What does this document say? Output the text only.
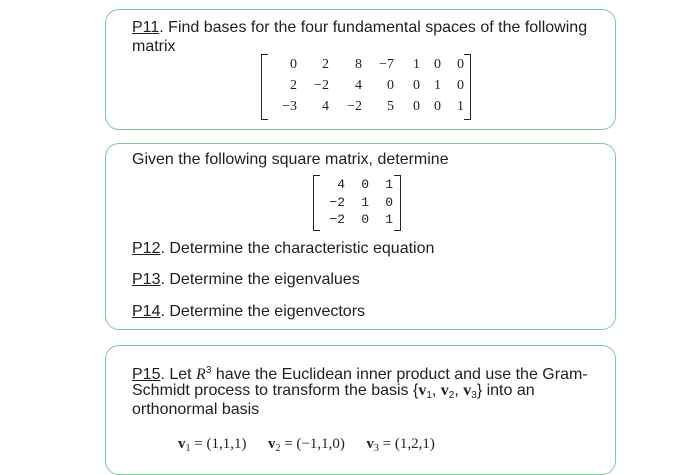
P11. Find bases for the four fundamental spaces of the following
matrix
0	2	8	−7	1	0	0
2	−2	4	0	0	1	0
−3	4	−2	5	0	0	1
Given the following square matrix, determine
4	0	1
−2	1	0
−2	0	1
P12. Determine the characteristic equation
P13. Determine the eigenvalues
P14. Determine the eigenvectors
P15. Let $R^3$ have the Euclidean inner product and use the Gram-
Schmidt process to transform the basis {$v_1$, $v_2$, $v_3$} into an
orthonormal basis
$v_1 = (1,1,1) v_2 = (-1,1,0) v_3 = (1,2,1)$
